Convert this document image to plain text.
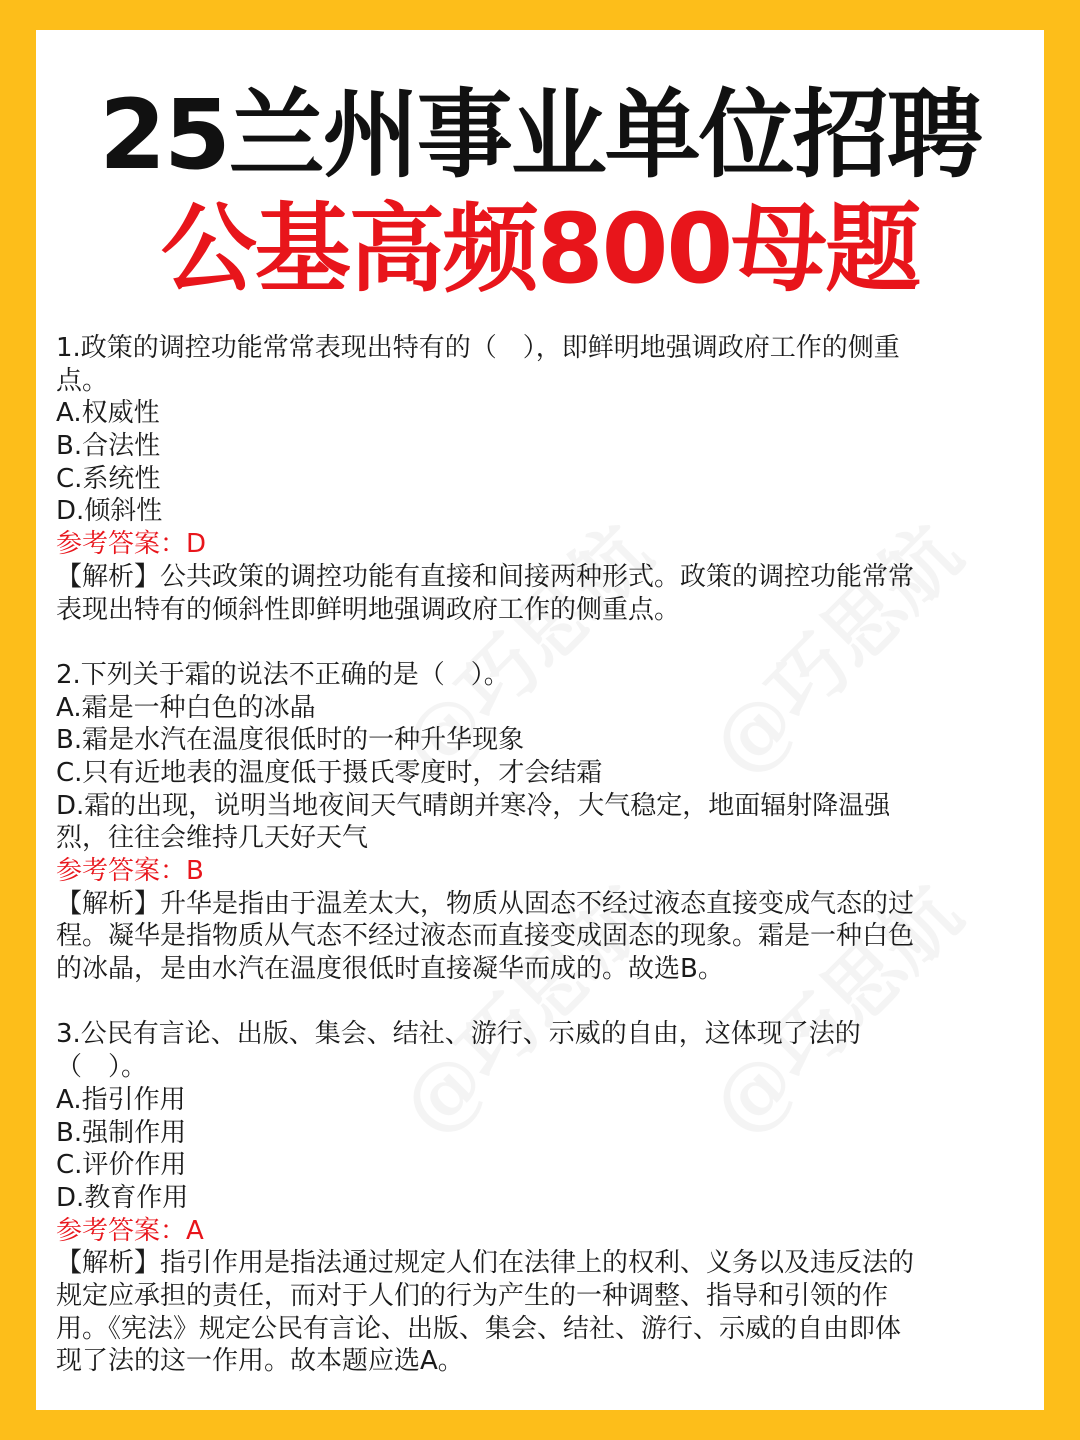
25兰州事业单位招聘
公基高频800母题
1.政策的调控功能常常表现出特有的（　），即鲜明地强调政府工作的侧重
点。
A.权威性
B.合法性
C.系统性
D.倾斜性
参考答案：D
【解析】公共政策的调控功能有直接和间接两种形式。政策的调控功能常常
表现出特有的倾斜性即鲜明地强调政府工作的侧重点。
2.下列关于霜的说法不正确的是（　）。
A.霜是一种白色的冰晶
B.霜是水汽在温度很低时的一种升华现象
C.只有近地表的温度低于摄氏零度时，才会结霜
D.霜的出现，说明当地夜间天气晴朗并寒冷，大气稳定，地面辐射降温强
烈，往往会维持几天好天气
参考答案：B
【解析】升华是指由于温差太大，物质从固态不经过液态直接变成气态的过
程。凝华是指物质从气态不经过液态而直接变成固态的现象。霜是一种白色
的冰晶，是由水汽在温度很低时直接凝华而成的。故选B。
3.公民有言论、出版、集会、结社、游行、示威的自由，这体现了法的
（　）。
A.指引作用
B.强制作用
C.评价作用
D.教育作用
参考答案：A
【解析】指引作用是指法通过规定人们在法律上的权利、义务以及违反法的
规定应承担的责任，而对于人们的行为产生的一种调整、指导和引领的作
用。《宪法》规定公民有言论、出版、集会、结社、游行、示威的自由即体
现了法的这一作用。故本题应选A。
